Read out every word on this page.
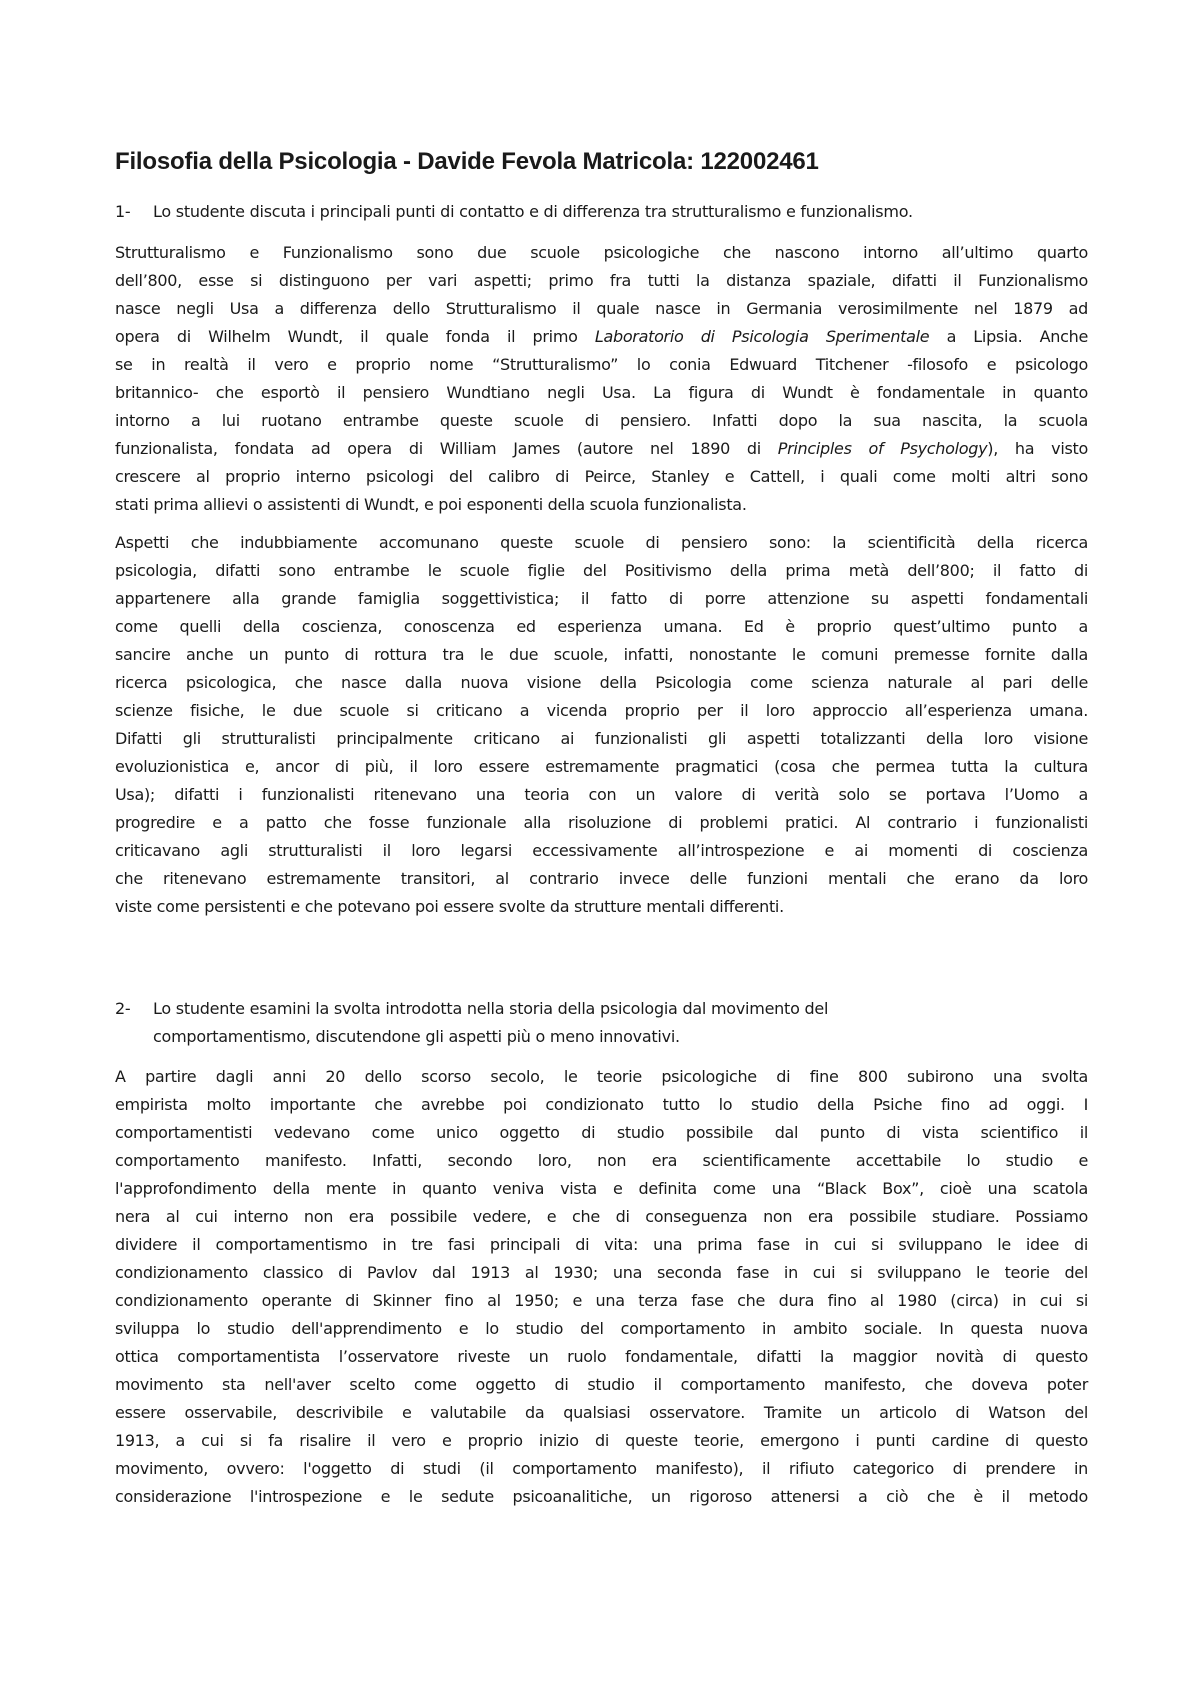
Filosofia della Psicologia - Davide Fevola Matricola: 122002461
1-	Lo studente discuta i principali punti di contatto e di differenza tra strutturalismo e funzionalismo.
Strutturalismo e Funzionalismo sono due scuole psicologiche che nascono intorno all’ultimo quarto
dell’800, esse si distinguono per vari aspetti; primo fra tutti la distanza spaziale, difatti il Funzionalismo
nasce negli Usa a differenza dello Strutturalismo il quale nasce in Germania verosimilmente nel 1879 ad
opera di Wilhelm Wundt, il quale fonda il primo Laboratorio di Psicologia Sperimentale a Lipsia. Anche
se in realtà il vero e proprio nome “Strutturalismo” lo conia Edwuard Titchener -filosofo e psicologo
britannico- che esportò il pensiero Wundtiano negli Usa. La figura di Wundt è fondamentale in quanto
intorno a lui ruotano entrambe queste scuole di pensiero. Infatti dopo la sua nascita, la scuola
funzionalista, fondata ad opera di William James (autore nel 1890 di Principles of Psychology), ha visto
crescere al proprio interno psicologi del calibro di Peirce, Stanley e Cattell, i quali come molti altri sono
stati prima allievi o assistenti di Wundt, e poi esponenti della scuola funzionalista.
Aspetti che indubbiamente accomunano queste scuole di pensiero sono: la scientificità della ricerca
psicologia, difatti sono entrambe le scuole figlie del Positivismo della prima metà dell’800; il fatto di
appartenere alla grande famiglia soggettivistica; il fatto di porre attenzione su aspetti fondamentali
come quelli della coscienza, conoscenza ed esperienza umana. Ed è proprio quest’ultimo punto a
sancire anche un punto di rottura tra le due scuole, infatti, nonostante le comuni premesse fornite dalla
ricerca psicologica, che nasce dalla nuova visione della Psicologia come scienza naturale al pari delle
scienze fisiche, le due scuole si criticano a vicenda proprio per il loro approccio all’esperienza umana.
Difatti gli strutturalisti principalmente criticano ai funzionalisti gli aspetti totalizzanti della loro visione
evoluzionistica e, ancor di più, il loro essere estremamente pragmatici (cosa che permea tutta la cultura
Usa); difatti i funzionalisti ritenevano una teoria con un valore di verità solo se portava l’Uomo a
progredire e a patto che fosse funzionale alla risoluzione di problemi pratici. Al contrario i funzionalisti
criticavano agli strutturalisti il loro legarsi eccessivamente all’introspezione e ai momenti di coscienza
che ritenevano estremamente transitori, al contrario invece delle funzioni mentali che erano da loro
viste come persistenti e che potevano poi essere svolte da strutture mentali differenti.
2-	Lo studente esamini la svolta introdotta nella storia della psicologia dal movimento del
comportamentismo, discutendone gli aspetti più o meno innovativi.
A partire dagli anni 20 dello scorso secolo, le teorie psicologiche di fine 800 subirono una svolta
empirista molto importante che avrebbe poi condizionato tutto lo studio della Psiche fino ad oggi. I
comportamentisti vedevano come unico oggetto di studio possibile dal punto di vista scientifico il
comportamento manifesto. Infatti, secondo loro, non era scientificamente accettabile lo studio e
l'approfondimento della mente in quanto veniva vista e definita come una “Black Box”, cioè una scatola
nera al cui interno non era possibile vedere, e che di conseguenza non era possibile studiare. Possiamo
dividere il comportamentismo in tre fasi principali di vita: una prima fase in cui si sviluppano le idee di
condizionamento classico di Pavlov dal 1913 al 1930; una seconda fase in cui si sviluppano le teorie del
condizionamento operante di Skinner fino al 1950; e una terza fase che dura fino al 1980 (circa) in cui si
sviluppa lo studio dell'apprendimento e lo studio del comportamento in ambito sociale. In questa nuova
ottica comportamentista l’osservatore riveste un ruolo fondamentale, difatti la maggior novità di questo
movimento sta nell'aver scelto come oggetto di studio il comportamento manifesto, che doveva poter
essere osservabile, descrivibile e valutabile da qualsiasi osservatore. Tramite un articolo di Watson del
1913, a cui si fa risalire il vero e proprio inizio di queste teorie, emergono i punti cardine di questo
movimento, ovvero: l'oggetto di studi (il comportamento manifesto), il rifiuto categorico di prendere in
considerazione l'introspezione e le sedute psicoanalitiche, un rigoroso attenersi a ciò che è il metodo
